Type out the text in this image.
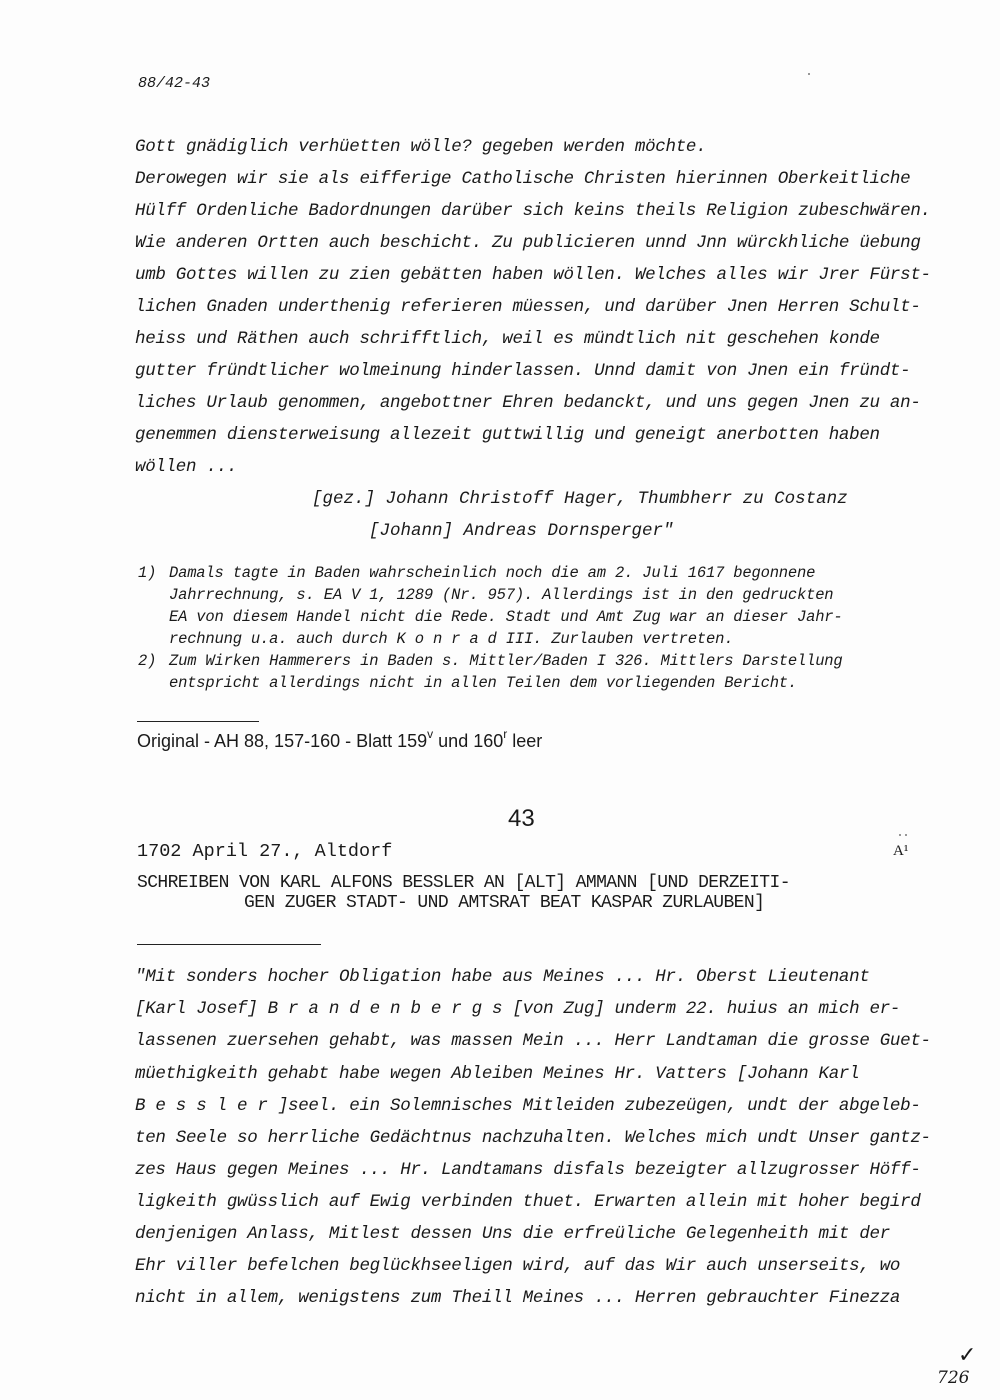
88/42-43
Gott gnädiglich verhüetten wölle? gegeben werden möchte.
Derowegen wir sie als eifferige Catholische Christen hierinnen Oberkeitliche
Hülff Ordenliche Badordnungen darüber sich keins theils Religion zubeschwären.
Wie anderen Ortten auch beschicht. Zu publicieren unnd Jnn würckhliche üebung
umb Gottes willen zu zien gebätten haben wöllen. Welches alles wir Jrer Fürst-
lichen Gnaden underthenig referieren müessen, und darüber Jnen Herren Schult-
heiss und Räthen auch schrifftlich, weil es mündtlich nit geschehen konde
gutter fründtlicher wolmeinung hinderlassen. Unnd damit von Jnen ein fründt-
liches Urlaub genommen, angebottner Ehren bedanckt, und uns gegen Jnen zu an-
genemmen diensterweisung allezeit guttwillig und geneigt anerbotten haben
wöllen ...
[gez.] Johann Christoff Hager, Thumbherr zu Costanz
[Johann] Andreas Dornsperger"
1) Damals tagte in Baden wahrscheinlich noch die am 2. Juli 1617 begonnene
Jahrrechnung, s. EA V 1, 1289 (Nr. 957). Allerdings ist in den gedruckten
EA von diesem Handel nicht die Rede. Stadt und Amt Zug war an dieser Jahr-
rechnung u.a. auch durch K o n r a d III. Zurlauben vertreten.
2) Zum Wirken Hammerers in Baden s. Mittler/Baden I 326. Mittlers Darstellung
entspricht allerdings nicht in allen Teilen dem vorliegenden Bericht.
Original - AH 88, 157-160 - Blatt 159$^v$ und 160$^r$ leer
43
1702 April 27., Altdorf	A¹
SCHREIBEN VON KARL ALFONS BESSLER AN [ALT] AMMANN [UND DERZEITI-
GEN ZUGER STADT- UND AMTSRAT BEAT KASPAR ZURLAUBEN]
"Mit sonders hocher Obligation habe aus Meines ... Hr. Oberst Lieutenant
[Karl Josef] B r a n d e n b e r g s [von Zug] underm 22. huius an mich er-
lassenen zuersehen gehabt, was massen Mein ... Herr Landtaman die grosse Guet-
müethigkeith gehabt habe wegen Ableiben Meines Hr. Vatters [Johann Karl
B e s s l e r ]seel. ein Solemnisches Mitleiden zubezeügen, undt der abgeleb-
ten Seele so herrliche Gedächtnus nachzuhalten. Welches mich undt Unser gantz-
zes Haus gegen Meines ... Hr. Landtamans disfals bezeigter allzugrosser Höff-
ligkeith gwüsslich auf Ewig verbinden thuet. Erwarten allein mit hoher begird
denjenigen Anlass, Mitlest dessen Uns die erfreüliche Gelegenheith mit der
Ehr viller befelchen beglückhseeligen wird, auf das Wir auch unserseits, wo
nicht in allem, wenigstens zum Theill Meines ... Herren gebrauchter Finezza
✓
726
